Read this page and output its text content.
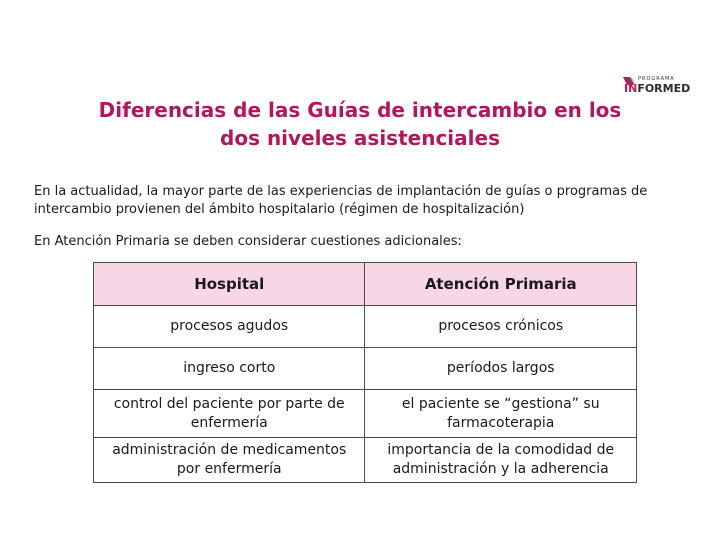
PROGRAMA
INFORMED
Diferencias de las Guías de intercambio en los
dos niveles asistenciales

En la actualidad, la mayor parte de las experiencias de implantación de guías o programas de intercambio provienen del ámbito hospitalario (régimen de hospitalización)

En Atención Primaria se deben considerar cuestiones adicionales:

Hospital	Atención Primaria
procesos agudos	procesos crónicos
ingreso corto	períodos largos
control del paciente por parte de enfermería	el paciente se “gestiona” su farmacoterapia
administración de medicamentos por enfermería	importancia de la comodidad de administración y la adherencia
